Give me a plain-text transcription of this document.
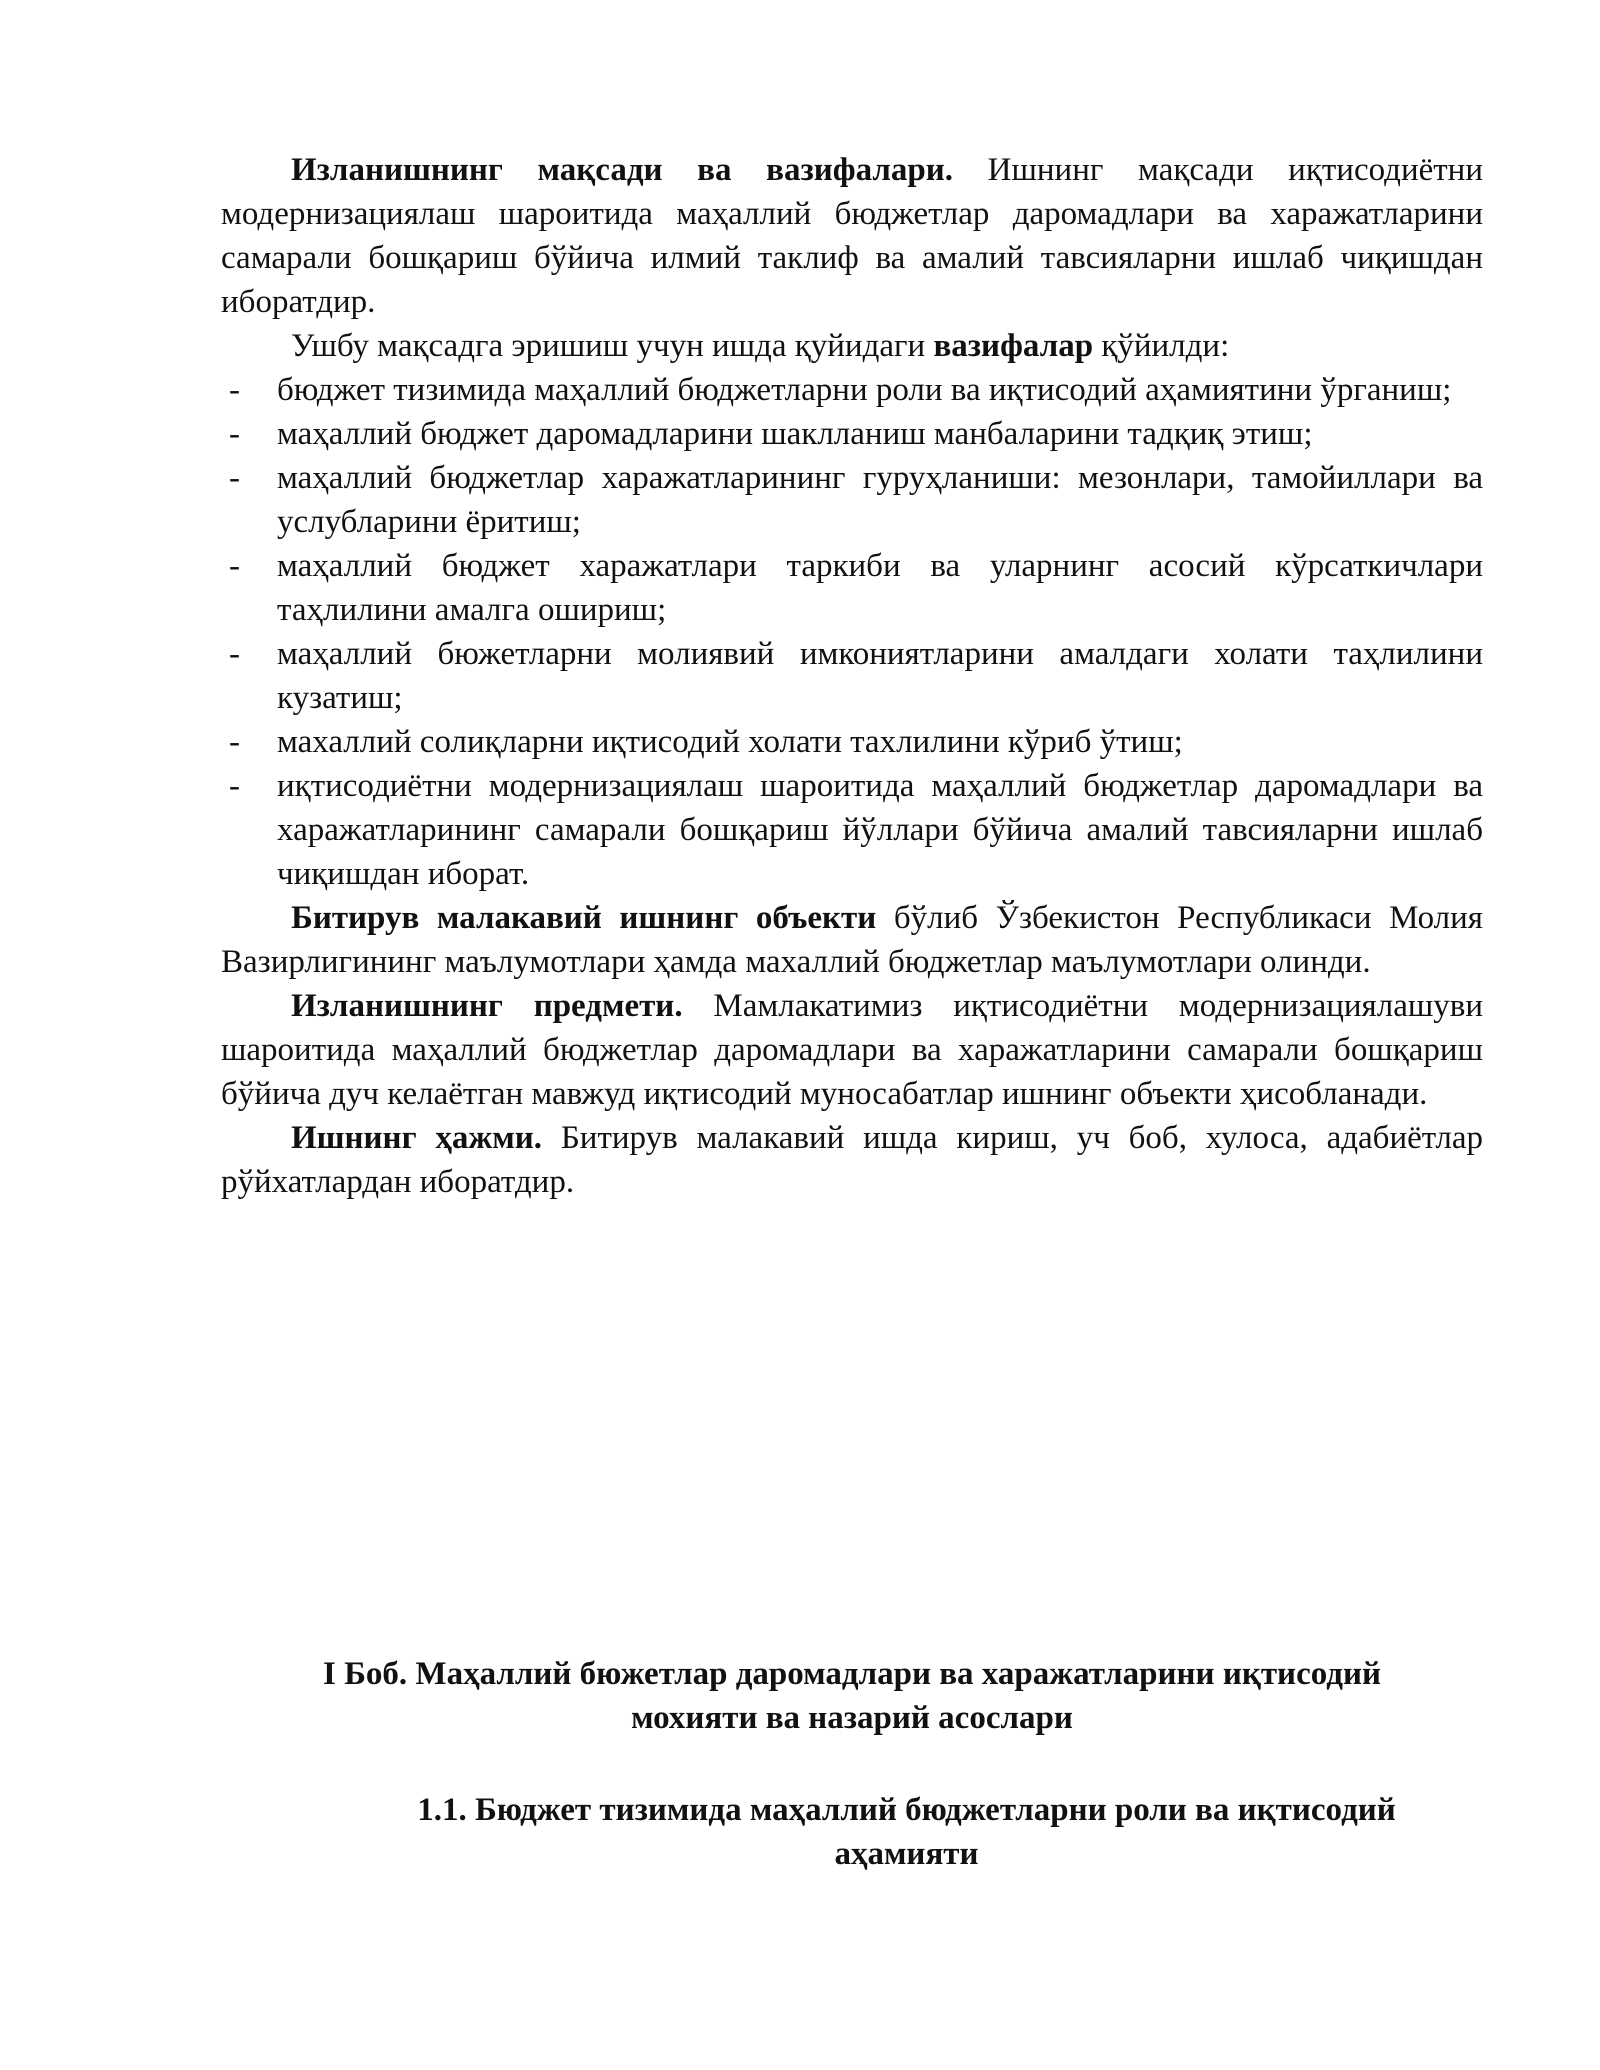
Изланишнинг мақсади ва вазифалари. Ишнинг мақсади иқтисодиётни модернизациялаш шароитида маҳаллий бюджетлар даромадлари ва харажатларини самарали бошқариш бўйича илмий таклиф ва амалий тавсияларни ишлаб чиқишдан иборатдир.

Ушбу мақсадга эришиш учун ишда қуйидаги вазифалар қўйилди:

- бюджет тизимида маҳаллий бюджетларни роли ва иқтисодий аҳамиятини ўрганиш;
- маҳаллий бюджет даромадларини шаклланиш манбаларини тадқиқ этиш;
- маҳаллий бюджетлар харажатларининг гуруҳланиши: мезонлари, тамойиллари ва услубларини ёритиш;
- маҳаллий бюджет харажатлари таркиби ва уларнинг асосий кўрсаткичлари таҳлилини амалга ошириш;
- маҳаллий бюжетларни молиявий имкониятларини амалдаги холати таҳлилини кузатиш;
- махаллий солиқларни иқтисодий холати тахлилини кўриб ўтиш;
- иқтисодиётни модернизациялаш шароитида маҳаллий бюджетлар даромадлари ва харажатларининг самарали бошқариш йўллари бўйича амалий тавсияларни ишлаб чиқишдан иборат.

Битирув малакавий ишнинг объекти бўлиб Ўзбекистон Республикаси Молия Вазирлигининг маълумотлари ҳамда махаллий бюджетлар маълумотлари олинди.

Изланишнинг предмети. Мамлакатимиз иқтисодиётни модернизациялашуви шароитида маҳаллий бюджетлар даромадлари ва харажатларини самарали бошқариш бўйича дуч келаётган мавжуд иқтисодий муносабатлар ишнинг объекти ҳисобланади.

Ишнинг ҳажми. Битирув малакавий ишда кириш, уч боб, хулоса, адабиётлар рўйхатлардан иборатдир.

I Боб. Маҳаллий бюжетлар даромадлари ва харажатларини иқтисодий
мохияти ва назарий асослари
1.1. Бюджет тизимида маҳаллий бюджетларни роли ва иқтисодий
аҳамияти
